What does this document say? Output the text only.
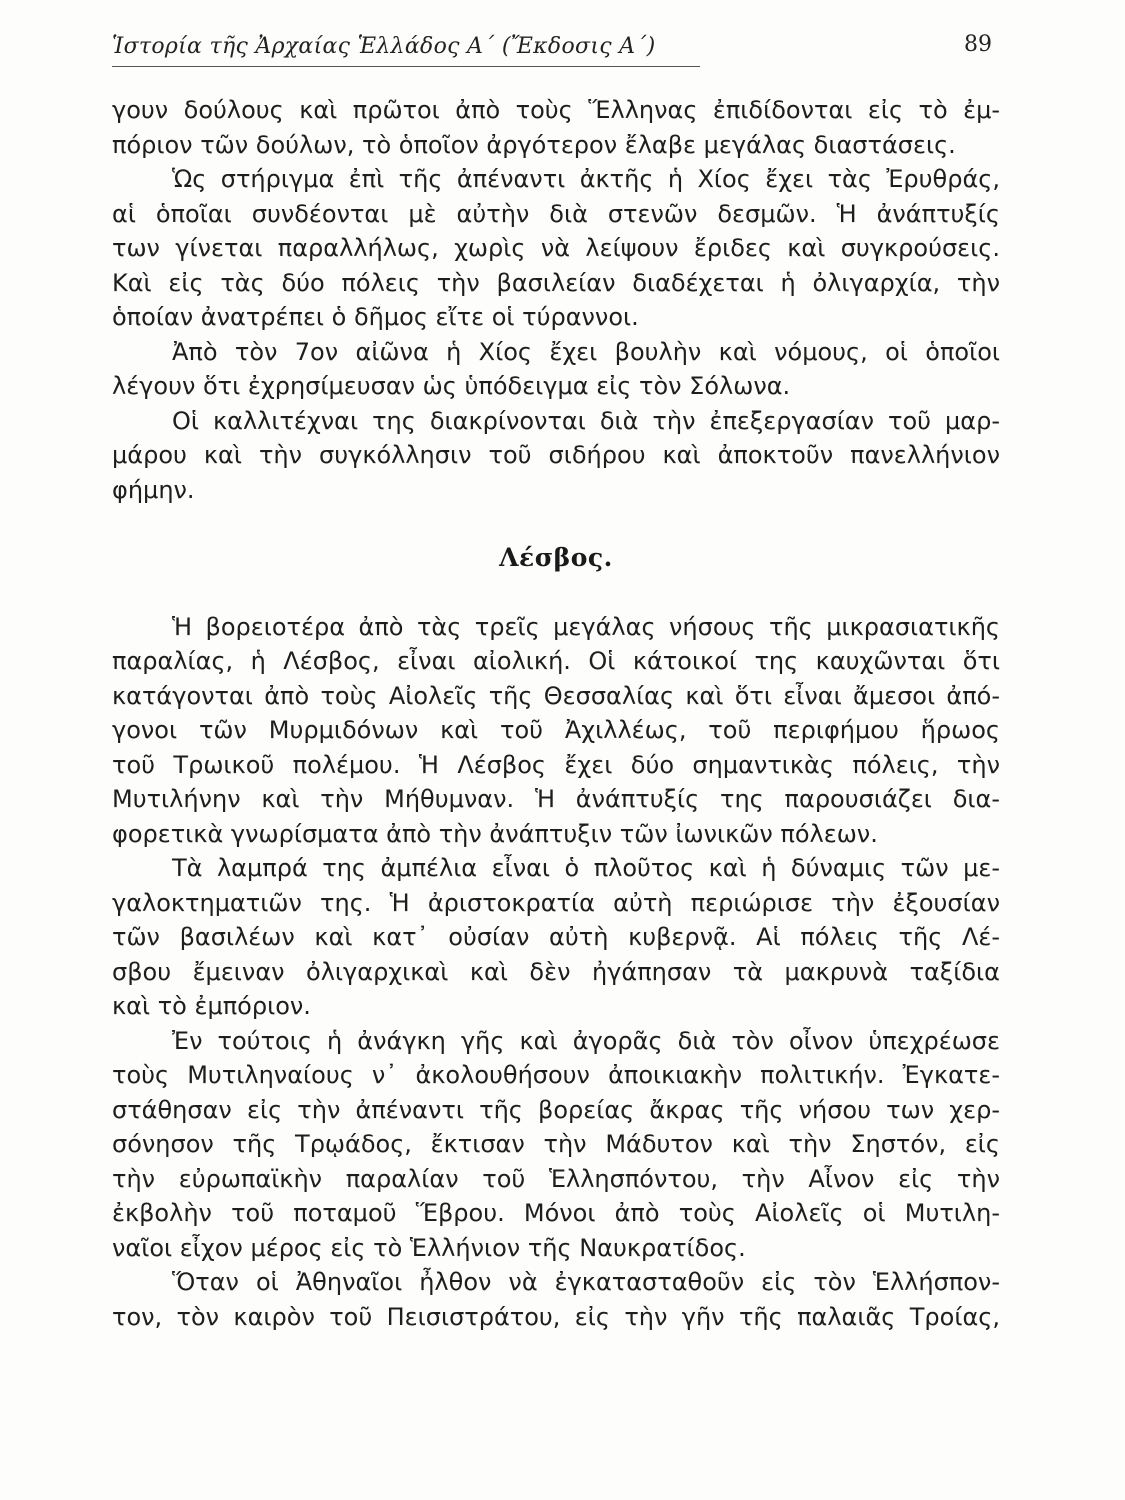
Ἱστορία τῆς Ἀρχαίας Ἑλλάδος Α΄ (Ἔκδοσις Α΄)	89
γουν δούλους καὶ πρῶτοι ἀπὸ τοὺς Ἕλληνας ἐπιδίδονται εἰς τὸ ἐμ-
πόριον τῶν δούλων, τὸ ὁποῖον ἀργότερον ἔλαβε μεγάλας διαστάσεις.
Ὡς στήριγμα ἐπὶ τῆς ἀπέναντι ἀκτῆς ἡ Χίος ἔχει τὰς Ἐρυθράς,
αἱ ὁποῖαι συνδέονται μὲ αὐτὴν διὰ στενῶν δεσμῶν. Ἡ ἀνάπτυξίς
των γίνεται παραλλήλως, χωρὶς νὰ λείψουν ἔριδες καὶ συγκρούσεις.
Καὶ εἰς τὰς δύο πόλεις τὴν βασιλείαν διαδέχεται ἡ ὀλιγαρχία, τὴν
ὁποίαν ἀνατρέπει ὁ δῆμος εἴτε οἱ τύραννοι.
Ἀπὸ τὸν 7ον αἰῶνα ἡ Χίος ἔχει βουλὴν καὶ νόμους, οἱ ὁποῖοι
λέγουν ὅτι ἐχρησίμευσαν ὡς ὑπόδειγμα εἰς τὸν Σόλωνα.
Οἱ καλλιτέχναι της διακρίνονται διὰ τὴν ἐπεξεργασίαν τοῦ μαρ-
μάρου καὶ τὴν συγκόλλησιν τοῦ σιδήρου καὶ ἀποκτοῦν πανελλήνιον
φήμην.
Λέσβος.
Ἡ βορειοτέρα ἀπὸ τὰς τρεῖς μεγάλας νήσους τῆς μικρασιατικῆς
παραλίας, ἡ Λέσβος, εἶναι αἰολική. Οἱ κάτοικοί της καυχῶνται ὅτι
κατάγονται ἀπὸ τοὺς Αἰολεῖς τῆς Θεσσαλίας καὶ ὅτι εἶναι ἄμεσοι ἀπό-
γονοι τῶν Μυρμιδόνων καὶ τοῦ Ἀχιλλέως, τοῦ περιφήμου ἥρωος
τοῦ Τρωικοῦ πολέμου. Ἡ Λέσβος ἔχει δύο σημαντικὰς πόλεις, τὴν
Μυτιλήνην καὶ τὴν Μήθυμναν. Ἡ ἀνάπτυξίς της παρουσιάζει δια-
φορετικὰ γνωρίσματα ἀπὸ τὴν ἀνάπτυξιν τῶν ἰωνικῶν πόλεων.
Τὰ λαμπρά της ἀμπέλια εἶναι ὁ πλοῦτος καὶ ἡ δύναμις τῶν με-
γαλοκτηματιῶν της. Ἡ ἀριστοκρατία αὐτὴ περιώρισε τὴν ἐξουσίαν
τῶν βασιλέων καὶ κατ᾽ οὐσίαν αὐτὴ κυβερνᾷ. Αἱ πόλεις τῆς Λέ-
σβου ἔμειναν ὀλιγαρχικαὶ καὶ δὲν ἠγάπησαν τὰ μακρυνὰ ταξίδια
καὶ τὸ ἐμπόριον.
Ἐν τούτοις ἡ ἀνάγκη γῆς καὶ ἀγορᾶς διὰ τὸν οἶνον ὑπεχρέωσε
τοὺς Μυτιληναίους ν᾽ ἀκολουθήσουν ἀποικιακὴν πολιτικήν. Ἐγκατε-
στάθησαν εἰς τὴν ἀπέναντι τῆς βορείας ἄκρας τῆς νήσου των χερ-
σόνησον τῆς Τρῳάδος, ἔκτισαν τὴν Μάδυτον καὶ τὴν Σηστόν, εἰς
τὴν εὐρωπαϊκὴν παραλίαν τοῦ Ἑλλησπόντου, τὴν Αἶνον εἰς τὴν
ἐκβολὴν τοῦ ποταμοῦ Ἕβρου. Μόνοι ἀπὸ τοὺς Αἰολεῖς οἱ Μυτιλη-
ναῖοι εἶχον μέρος εἰς τὸ Ἑλλήνιον τῆς Ναυκρατίδος.
Ὅταν οἱ Ἀθηναῖοι ἦλθον νὰ ἐγκατασταθοῦν εἰς τὸν Ἑλλήσπον-
τον, τὸν καιρὸν τοῦ Πεισιστράτου, εἰς τὴν γῆν τῆς παλαιᾶς Τροίας,
